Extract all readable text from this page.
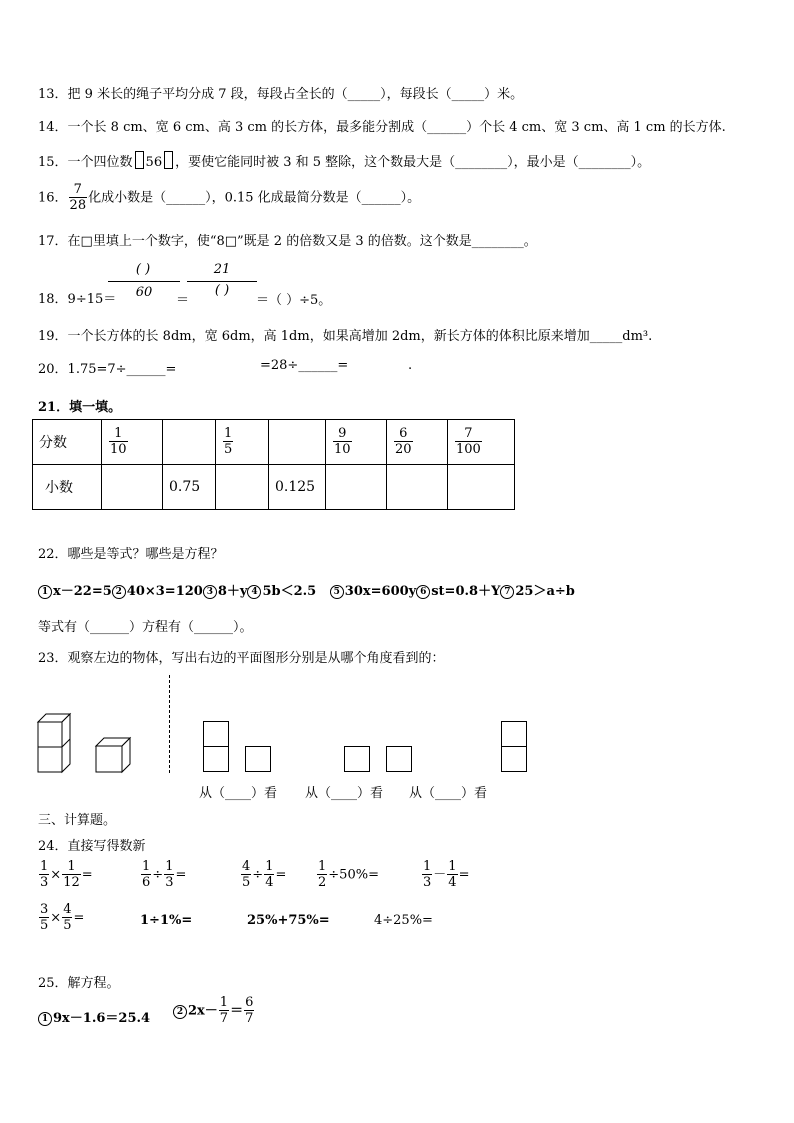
13．把 9 米长的绳子平均分成 7 段，每段占全长的（_____），每段长（_____）米。
14．一个长 8 cm、宽 6 cm、高 3 cm 的长方体，最多能分割成（______）个长 4 cm、宽 3 cm、高 1 cm 的长方体.
15．一个四位数 56 ，要使它能同时被 3 和 5 整除，这个数最大是（________），最小是（________）。
16． $\frac{7}{28}$ 化成小数是（______），0.15 化成最简分数是（______）。
17．在□里填上一个数字，使“8□”既是 2 的倍数又是 3 的倍数。这个数是________。
18．9÷15＝
( )
60
＝
21
( )
＝（ ）÷5。
19．一个长方体的长 8dm，宽 6dm，高 1dm，如果高增加 2dm，新长方体的体积比原来增加_____dm³.
20．1.75=7÷______=	=28÷______=	.
21．填一填。
分数	$\frac{1}{10}$		$\frac{1}{5}$		$\frac{9}{10}$	$\frac{6}{20}$	$\frac{7}{100}$

小数		0.75		0.125			
22．哪些是等式？哪些是方程？
1 x－22=5 2 40×3=120 3 8＋y 4 5b＜2.5 5 30x=600y 6 st=0.8＋Y 7 25＞a÷b
等式有（______）方程有（______）。
23．观察左边的物体，写出右边的平面图形分别是从哪个角度看到的：
从（____）看 从（____）看 从（____）看
三、计算题。
24．直接写得数新
$\frac{1}{3} \times \frac{1}{12}$ =	$\frac{1}{6} \div \frac{1}{3}$ =	$\frac{4}{5} \div \frac{1}{4} = \frac{1}{2} \div 50\%=$	$\frac{1}{3} - \frac{1}{4}$ =
$\frac{3}{5} \times \frac{4}{5}$ =	1÷1%=	25%+75%=	4÷25%=
25．解方程。
1 9x－1.6＝25.4	2 $2x- \frac{1}{7} = \frac{6}{7}$
